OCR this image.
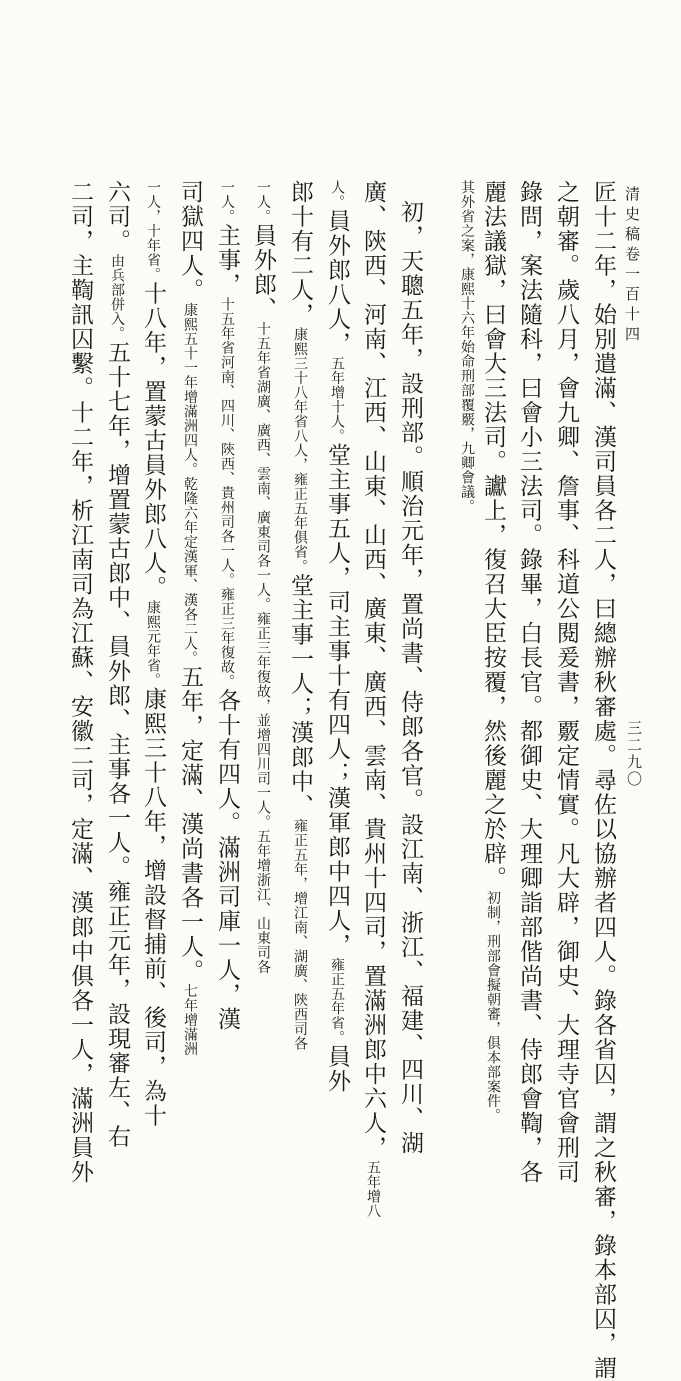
清史稿卷一百十四
三二九〇
匠十二年，始別遣滿、漢司員各二人，曰總辦秋審處。尋佐以協辦者四人。錄各省囚，謂之秋審，錄本部囚，謂
之朝審。歲八月，會九卿、詹事、科道公閱爰書，覈定情實。凡大辟，御史、大理寺官會刑司
錄問，案法隨科，曰會小三法司。錄畢，白長官。都御史、大理卿詣部偕尚書、侍郎會鞫，各
麗法議獄，曰會大三法司。讞上，復召大臣按覆，然後麗之於辟。初制，刑部會擬朝審，俱本部案件。
其外省之案，康熙十六年始命刑部覆覈，九卿會議。
初，天聰五年，設刑部。順治元年，置尚書、侍郎各官。設江南、浙江、福建、四川、湖
廣、陝西、河南、江西、山東、山西、廣東、廣西、雲南、貴州十四司，置滿洲郎中六人，五年增八
人。員外郎八人，五年增十人。堂主事五人，司主事十有四人；漢軍郎中四人，雍正五年省。員外
郎十有二人，康熙三十八年省八人，雍正五年俱省。堂主事一人；漢郎中、雍正五年，增江南、湖廣、陝西司各
一人。員外郎、十五年省湖廣、廣西、雲南、廣東司各一人。雍正三年復故，並增四川司一人。五年增浙江、山東司各
一人。主事，十五年省河南、四川、陝西、貴州司各一人。雍正三年復故。各十有四人。滿洲司庫一人，漢
司獄四人。康熙五十一年增滿洲四人。乾隆六年定漢軍、漢各二人。五年，定滿、漢尚書各一人。七年增滿洲
一人，十年省。十八年，置蒙古員外郎八人。康熙元年省。康熙三十八年，增設督捕前、後司，為十
六司。由兵部併入。五十七年，增置蒙古郎中、員外郎、主事各一人。雍正元年，設現審左、右
二司，主鞫訊囚繫。十二年，析江南司為江蘇、安徽二司，定滿、漢郎中俱各一人，滿洲員外
